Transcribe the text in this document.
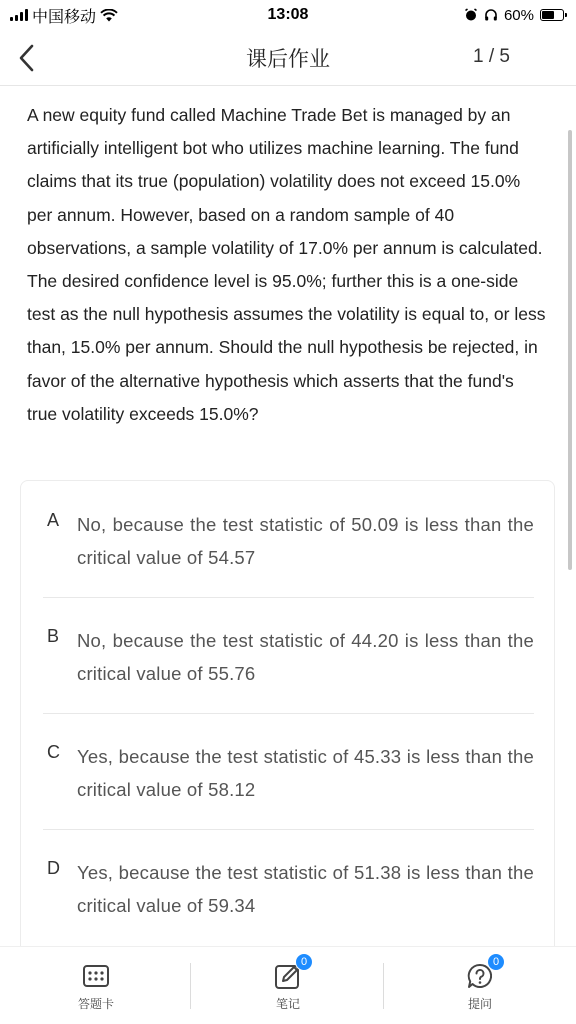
中国移动	13:08	60%
课后作业	1 / 5
A new equity fund called Machine Trade Bet is managed by an artificially intelligent bot who utilizes machine learning. The fund claims that its true (population) volatility does not exceed 15.0% per annum. However, based on a random sample of 40 observations, a sample volatility of 17.0% per annum is calculated. The desired confidence level is 95.0%; further this is a one-side test as the null hypothesis assumes the volatility is equal to, or less than, 15.0% per annum. Should the null hypothesis be rejected, in favor of the alternative hypothesis which asserts that the fund's true volatility exceeds 15.0%?
A No, because the test statistic of 50.09 is less than the critical value of 54.57
B No, because the test statistic of 44.20 is less than the critical value of 55.76
C Yes, because the test statistic of 45.33 is less than the critical value of 58.12
D Yes, because the test statistic of 51.38 is less than the critical value of 59.34
答题卡
0
笔记
0
提问
